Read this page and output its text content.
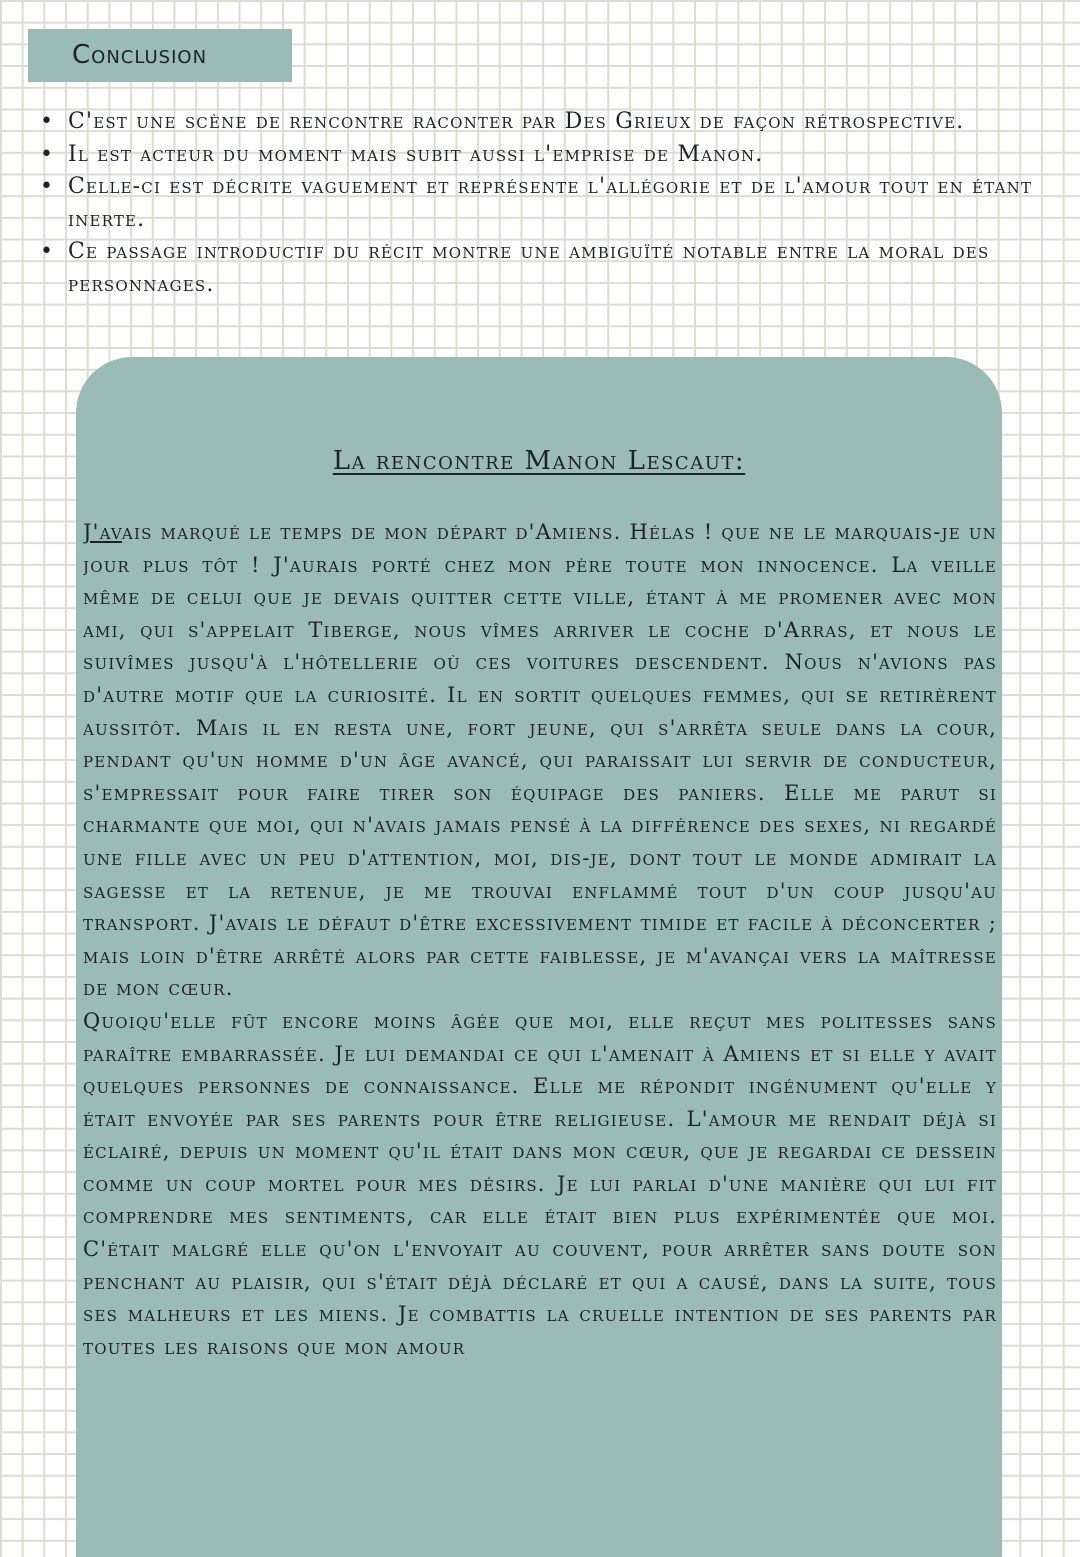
Conclusion
• C'est une scène de rencontre raconter par Des Grieux de façon rétrospective.
• Il est acteur du moment mais subit aussi l'emprise de Manon.
• Celle-ci est décrite vaguement et représente l'allégorie et de l'amour tout en étant inerte.
• Ce passage introductif du récit montre une ambiguïté notable entre la moral des personnages.
La rencontre Manon Lescaut:

J'avais marqué le temps de mon départ d'Amiens. Hélas ! que ne le marquais-je un jour plus tôt ! J'aurais porté chez mon père toute mon innocence. La veille même de celui que je devais quitter cette ville, étant à me promener avec mon ami, qui s'appelait Tiberge, nous vîmes arriver le coche d'Arras, et nous le suivîmes jusqu'à l'hôtellerie où ces voitures descendent. Nous n'avions pas d'autre motif que la curiosité. Il en sortit quelques femmes, qui se retirèrent aussitôt. Mais il en resta une, fort jeune, qui s'arrêta seule dans la cour, pendant qu'un homme d'un âge avancé, qui paraissait lui servir de conducteur, s'empressait pour faire tirer son équipage des paniers. Elle me parut si charmante que moi, qui n'avais jamais pensé à la différence des sexes, ni regardé une fille avec un peu d'attention, moi, dis-je, dont tout le monde admirait la sagesse et la retenue, je me trouvai enflammé tout d'un coup jusqu'au transport. J'avais le défaut d'être excessivement timide et facile à déconcerter ; mais loin d'être arrêté alors par cette faiblesse, je m'avançai vers la maîtresse de mon cœur.

Quoiqu'elle fût encore moins âgée que moi, elle reçut mes politesses sans paraître embarrassée. Je lui demandai ce qui l'amenait à Amiens et si elle y avait quelques personnes de connaissance. Elle me répondit ingénument qu'elle y était envoyée par ses parents pour être religieuse. L'amour me rendait déjà si éclairé, depuis un moment qu'il était dans mon cœur, que je regardai ce dessein comme un coup mortel pour mes désirs. Je lui parlai d'une manière qui lui fit comprendre mes sentiments, car elle était bien plus expérimentée que moi. C'était malgré elle qu'on l'envoyait au couvent, pour arrêter sans doute son penchant au plaisir, qui s'était déjà déclaré et qui a causé, dans la suite, tous ses malheurs et les miens. Je combattis la cruelle intention de ses parents par toutes les raisons que mon amour
